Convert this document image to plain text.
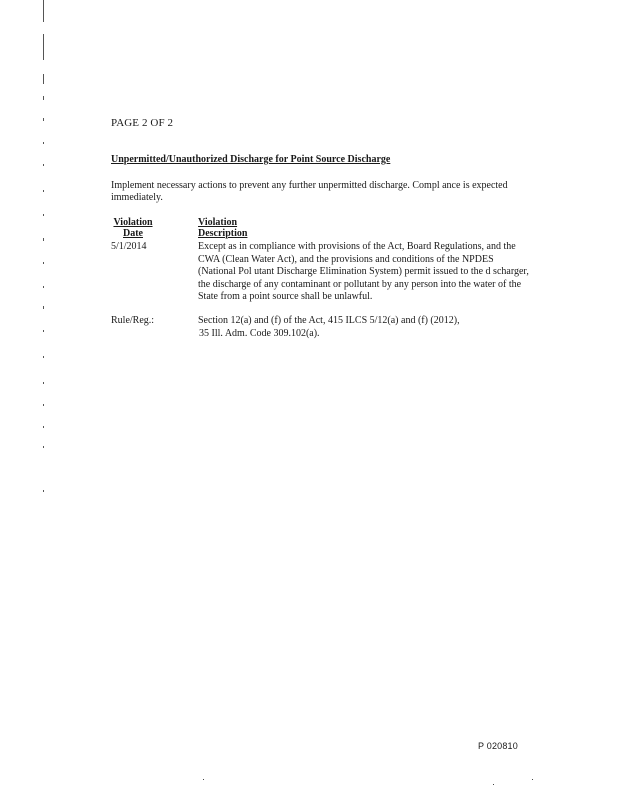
PAGE 2 OF 2
Unpermitted/Unauthorized Discharge for Point Source Discharge
Implement necessary actions to prevent any further unpermitted discharge. Compl ance is expected immediately.
Violation
Date
Violation
Description
5/1/2014	Except as in compliance with provisions of the Act, Board Regulations, and the CWA (Clean Water Act), and the provisions and conditions of the NPDES (National Pol utant Discharge Elimination System) permit issued to the d scharger, the discharge of any contaminant or pollutant by any person into the water of the State from a point source shall be unlawful.
Rule/Reg.:	Section 12(a) and (f) of the Act, 415 ILCS 5/12(a) and (f) (2012),
35 Ill. Adm. Code 309.102(a).
P 020810
